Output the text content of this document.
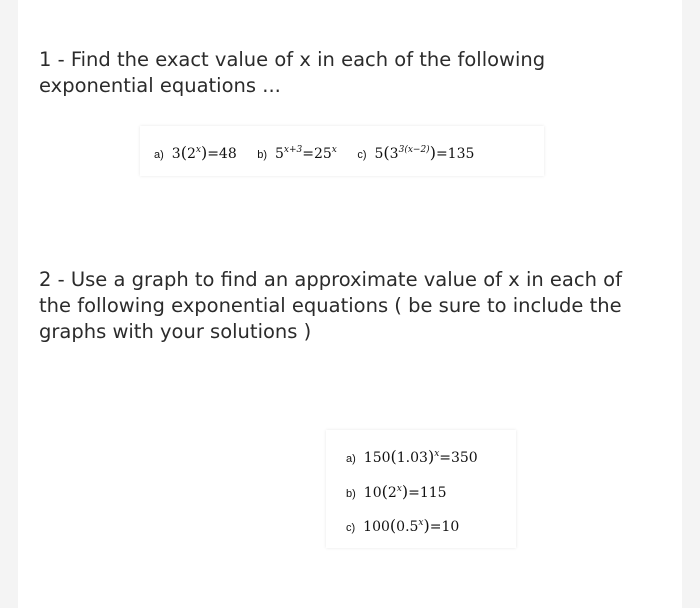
1 - Find the exact value of x in each of the following exponential equations ...
a) $3(2^x)=48$ b) $5^{x+3}=25^x$ c) $5(3^{3(x-2)})=135$
2 - Use a graph to find an approximate value of x in each of the following exponential equations ( be sure to include the graphs with your solutions )
a) $150(1.03)^x=350$
b) $10(2^x)=115$
c) $100(0.5^x)=10$
